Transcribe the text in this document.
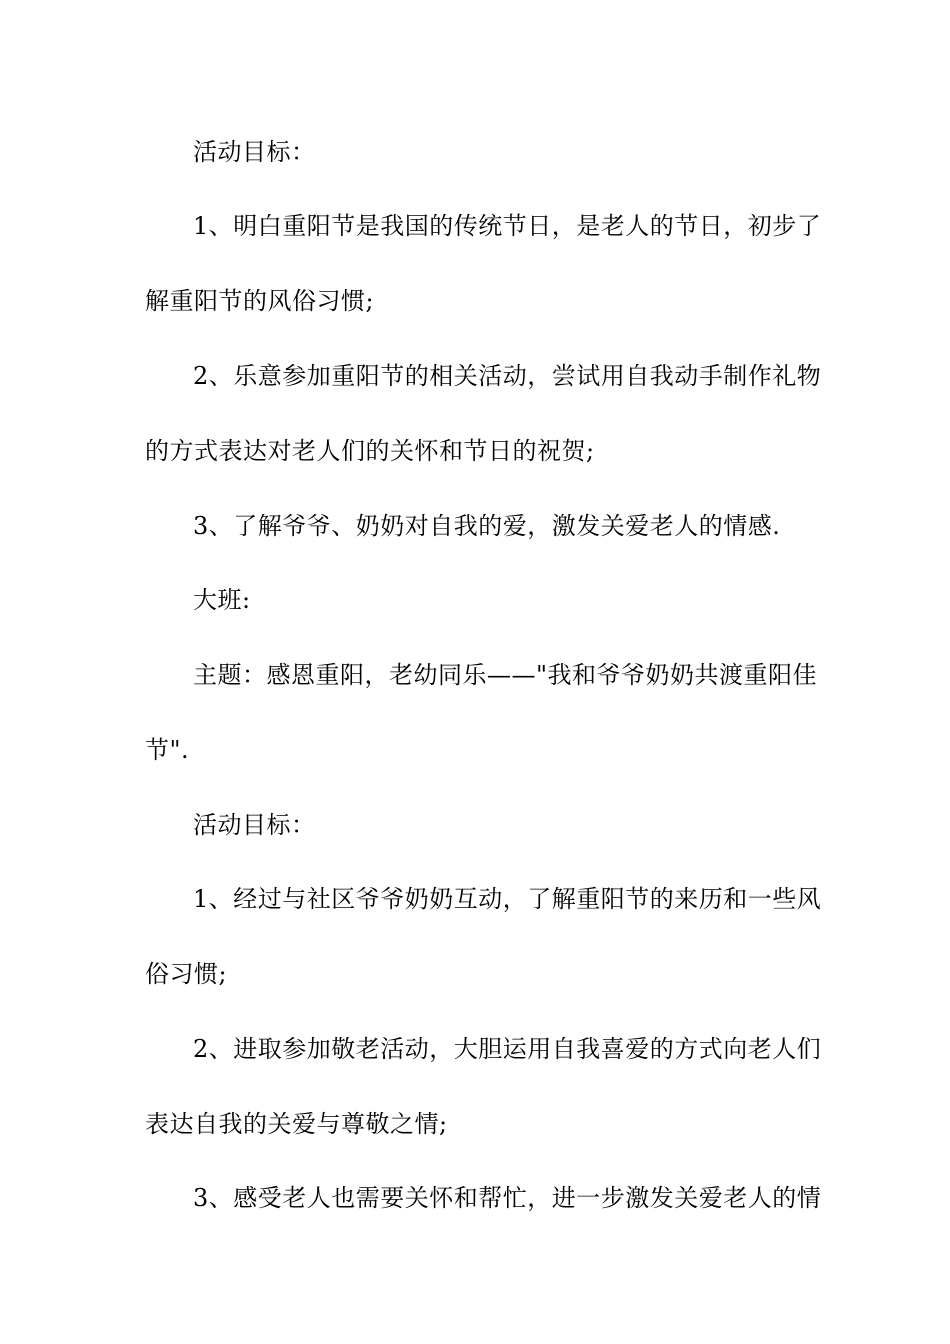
活动目标：
1、明白重阳节是我国的传统节日，是老人的节日，初步了
解重阳节的风俗习惯;
2、乐意参加重阳节的相关活动，尝试用自我动手制作礼物
的方式表达对老人们的关怀和节日的祝贺;
3、了解爷爷、奶奶对自我的爱，激发关爱老人的情感.
大班:
主题：感恩重阳，老幼同乐——"我和爷爷奶奶共渡重阳佳
节".
活动目标：
1、经过与社区爷爷奶奶互动，了解重阳节的来历和一些风
俗习惯;
2、进取参加敬老活动，大胆运用自我喜爱的方式向老人们
表达自我的关爱与尊敬之情;
3、感受老人也需要关怀和帮忙，进一步激发关爱老人的情
